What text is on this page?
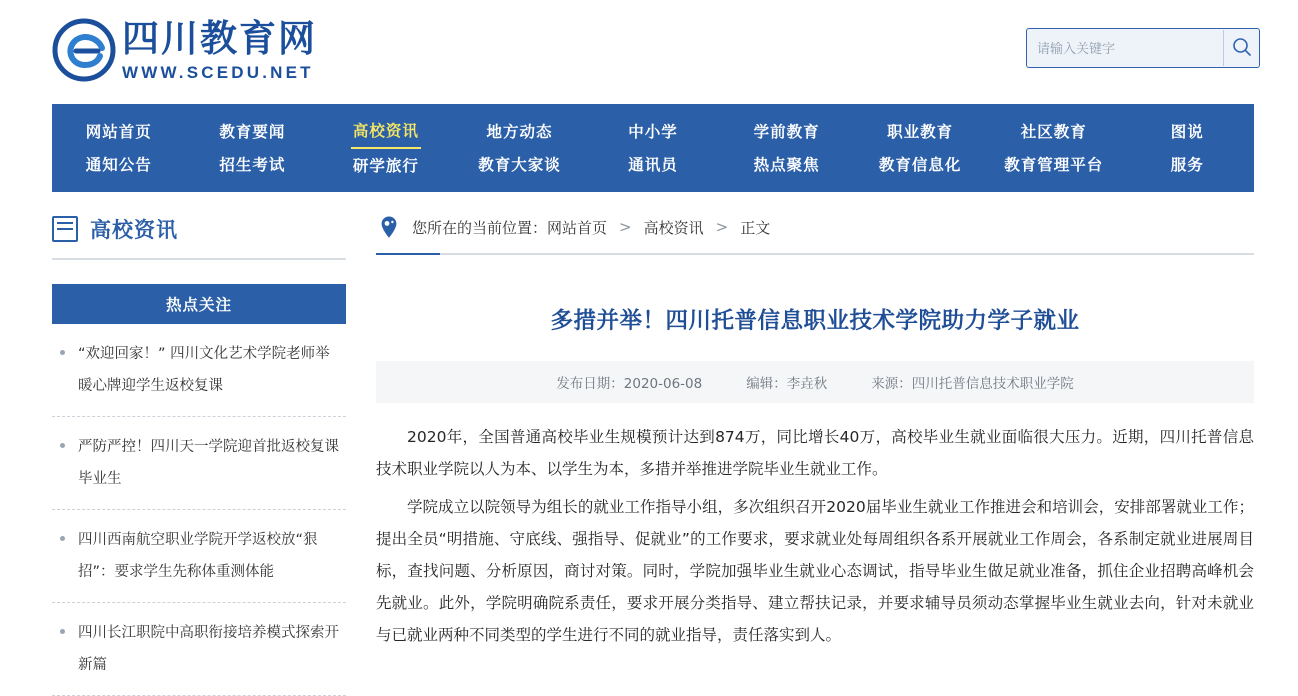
四川教育网
WWW.SCEDU.NET
请输入关键字
网站首页
通知公告
教育要闻
招生考试
高校资讯
研学旅行
地方动态
教育大家谈
中小学
通讯员
学前教育
热点聚焦
职业教育
教育信息化
社区教育
教育管理平台
图说
服务
高校资讯
热点关注
“欢迎回家！” 四川文化艺术学院老师举暖心牌迎学生返校复课
严防严控！四川天一学院迎首批返校复课毕业生
四川西南航空职业学院开学返校放“狠招”：要求学生先称体重测体能
四川长江职院中高职衔接培养模式探索开新篇
您所在的当前位置： 网站首页 > 高校资讯 > 正文
多措并举！四川托普信息职业技术学院助力学子就业
发布日期：2020-06-08	编辑：李垚秋	来源：四川托普信息技术职业学院

2020年，全国普通高校毕业生规模预计达到874万，同比增长40万，高校毕业生就业面临很大压力。近期，四川托普信息技术职业学院以人为本、以学生为本，多措并举推进学院毕业生就业工作。

学院成立以院领导为组长的就业工作指导小组，多次组织召开2020届毕业生就业工作推进会和培训会，安排部署就业工作；提出全员“明措施、守底线、强指导、促就业”的工作要求，要求就业处每周组织各系开展就业工作周会，各系制定就业进展周目标，查找问题、分析原因，商讨对策。同时，学院加强毕业生就业心态调试，指导毕业生做足就业准备，抓住企业招聘高峰机会先就业。此外，学院明确院系责任，要求开展分类指导、建立帮扶记录，并要求辅导员须动态掌握毕业生就业去向，针对未就业与已就业两种不同类型的学生进行不同的就业指导，责任落实到人。
